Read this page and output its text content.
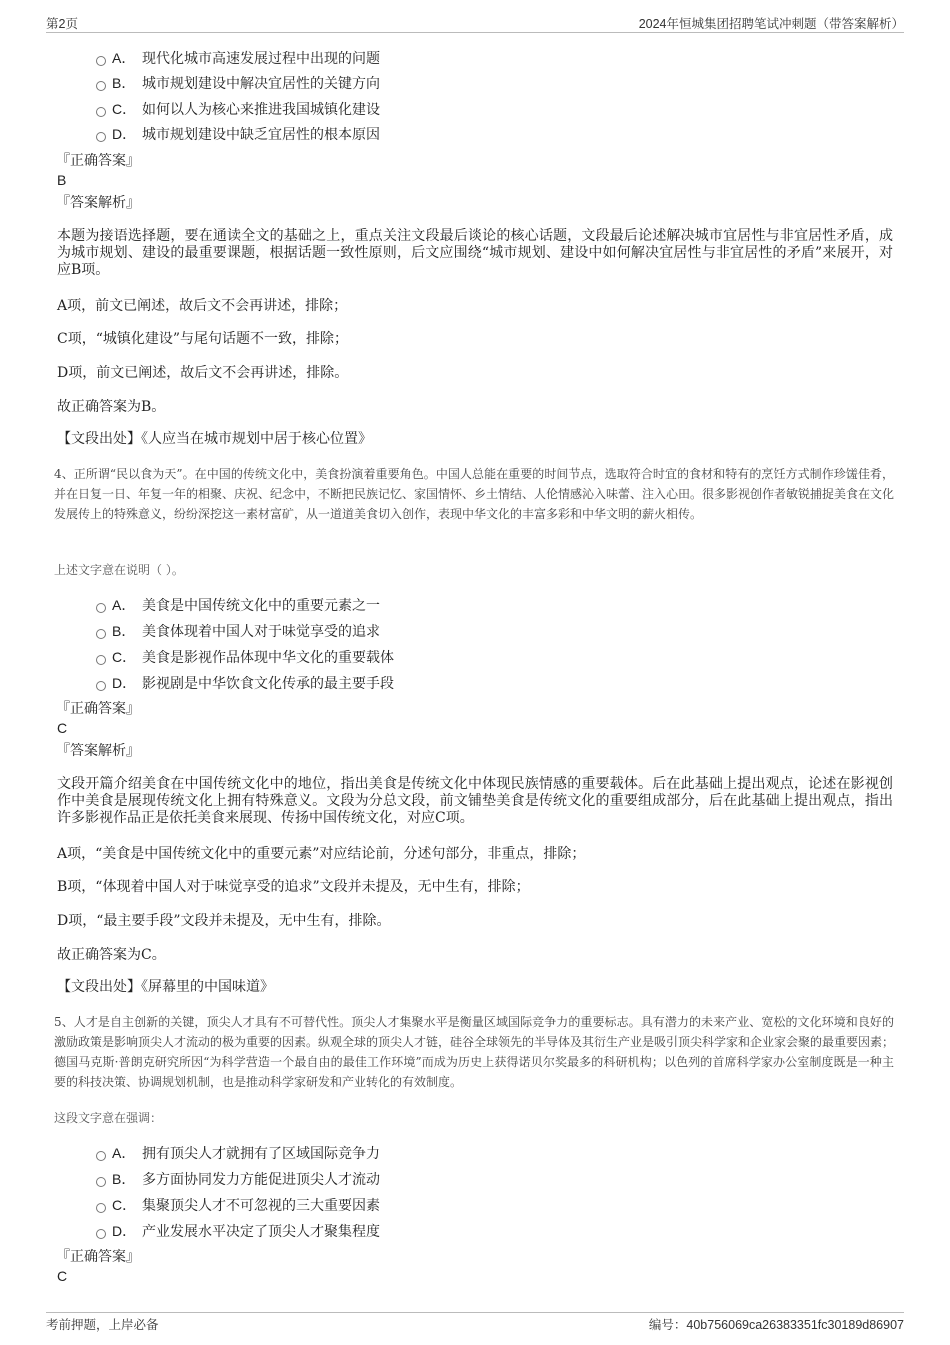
第2页	2024年恒城集团招聘笔试冲刺题（带答案解析）
A． 现代化城市高速发展过程中出现的问题
B． 城市规划建设中解决宜居性的关键方向
C． 如何以人为核心来推进我国城镇化建设
D． 城市规划建设中缺乏宜居性的根本原因
『正确答案』
B
『答案解析』
本题为接语选择题，要在通读全文的基础之上，重点关注文段最后谈论的核心话题，文段最后论述解决城市宜居性与非宜居性矛盾，成为城市规划、建设的最重要课题，根据话题一致性原则，后文应围绕“城市规划、建设中如何解决宜居性与非宜居性的矛盾”来展开，对应B项。
A项，前文已阐述，故后文不会再讲述，排除；
C项，“城镇化建设”与尾句话题不一致，排除；
D项，前文已阐述，故后文不会再讲述，排除。
故正确答案为B。
【文段出处】《人应当在城市规划中居于核心位置》
4、正所谓“民以食为天”。在中国的传统文化中，美食扮演着重要角色。中国人总能在重要的时间节点，选取符合时宜的食材和特有的烹饪方式制作珍馐佳肴，并在日复一日、年复一年的相聚、庆祝、纪念中，不断把民族记忆、家国情怀、乡土情结、人伦情感沁入味蕾、注入心田。很多影视创作者敏锐捕捉美食在文化发展传上的特殊意义，纷纷深挖这一素材富矿，从一道道美食切入创作，表现中华文化的丰富多彩和中华文明的薪火相传。
上述文字意在说明（ ）。
A． 美食是中国传统文化中的重要元素之一
B． 美食体现着中国人对于味觉享受的追求
C． 美食是影视作品体现中华文化的重要载体
D． 影视剧是中华饮食文化传承的最主要手段
『正确答案』
C
『答案解析』
文段开篇介绍美食在中国传统文化中的地位，指出美食是传统文化中体现民族情感的重要载体。后在此基础上提出观点，论述在影视创作中美食是展现传统文化上拥有特殊意义。文段为分总文段，前文铺垫美食是传统文化的重要组成部分，后在此基础上提出观点，指出许多影视作品正是依托美食来展现、传扬中国传统文化，对应C项。
A项，“美食是中国传统文化中的重要元素”对应结论前，分述句部分，非重点，排除；
B项，“体现着中国人对于味觉享受的追求”文段并未提及，无中生有，排除；
D项，“最主要手段”文段并未提及，无中生有，排除。
故正确答案为C。
【文段出处】《屏幕里的中国味道》
5、人才是自主创新的关键，顶尖人才具有不可替代性。顶尖人才集聚水平是衡量区域国际竞争力的重要标志。具有潜力的未来产业、宽松的文化环境和良好的激励政策是影响顶尖人才流动的极为重要的因素。纵观全球的顶尖人才链，硅谷全球领先的半导体及其衍生产业是吸引顶尖科学家和企业家会聚的最重要因素；德国马克斯·普朗克研究所因“为科学营造一个最自由的最佳工作环境”而成为历史上获得诺贝尔奖最多的科研机构；以色列的首席科学家办公室制度既是一种主要的科技决策、协调规划机制，也是推动科学家研发和产业转化的有效制度。
这段文字意在强调：
A． 拥有顶尖人才就拥有了区域国际竞争力
B． 多方面协同发力方能促进顶尖人才流动
C． 集聚顶尖人才不可忽视的三大重要因素
D． 产业发展水平决定了顶尖人才聚集程度
『正确答案』
C
考前押题，上岸必备	编号：40b756069ca26383351fc30189d86907
